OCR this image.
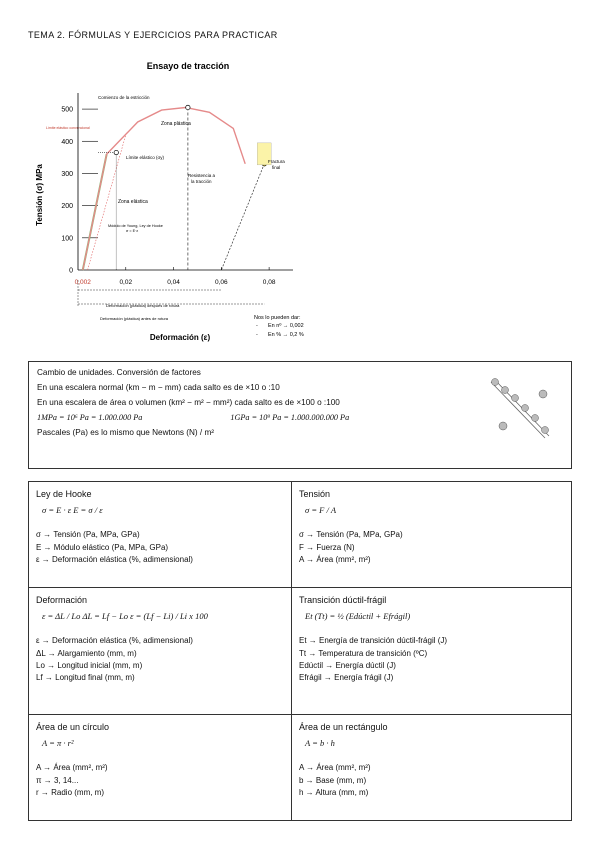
TEMA 2. FÓRMULAS Y EJERCICIOS PARA PRACTICAR
Ensayo de tracción
Tensión (σ) MPa
Comienzo de la estricción
Límite elástico convencional
Zona plástica
Límite elástico (σy)
Resistencia a
la tracción
Zona elástica
Módulo de Young, Ley de Hooke
σ = E·ε
Deformación (plástica) después de rotura
Deformación (plástica) antes de rotura
Deformación (ε)
Nos lo pueden dar:
En nº → 0,002
En % → 0,2 %
-
-
0
100
200
300
400
500
0,002	0,02	0,04	0,06	0,08
Fractura
final

Cambio de unidades. Conversión de factores

En una escalera normal (km − m − mm) cada salto es de ×10 o :10

En una escalera de área o volumen (km² − m² − mm²) cada salto es de ×100 o :100

1MPa = 10⁶ Pa = 1.000.000 Pa	1GPa = 10⁹ Pa = 1.000.000.000 Pa

Pascales (Pa) es lo mismo que Newtons (N) / m²

Ley de Hooke
σ = E · ε E = σ / ε
σ → Tensión (Pa, MPa, GPa)
E → Módulo elástico (Pa, MPa, GPa)
ε → Deformación elástica (%, adimensional)
Tensión
σ = F / A
σ → Tensión (Pa, MPa, GPa)
F → Fuerza (N)
A → Área (mm², m²)
Deformación
ε = ΔL / Lo ΔL = Lf − Lo ε = (Lf − Li) / Li x 100
ε → Deformación elástica (%, adimensional)
ΔL → Alargamiento (mm, m)
Lo → Longitud inicial (mm, m)
Lf → Longitud final (mm, m)
Transición dúctil-frágil
Et (Tt) = ½ (Edúctil + Efrágil)
Et → Energía de transición dúctil-frágil (J)
Tt → Temperatura de transición (ºC)
Edúctil → Energía dúctil (J)
Efrágil → Energía frágil (J)
Área de un círculo
A = π · r²
A → Área (mm², m²)
π → 3, 14...
r → Radio (mm, m)
Área de un rectángulo
A = b · h
A → Área (mm², m²)
b → Base (mm, m)
h → Altura (mm, m)
